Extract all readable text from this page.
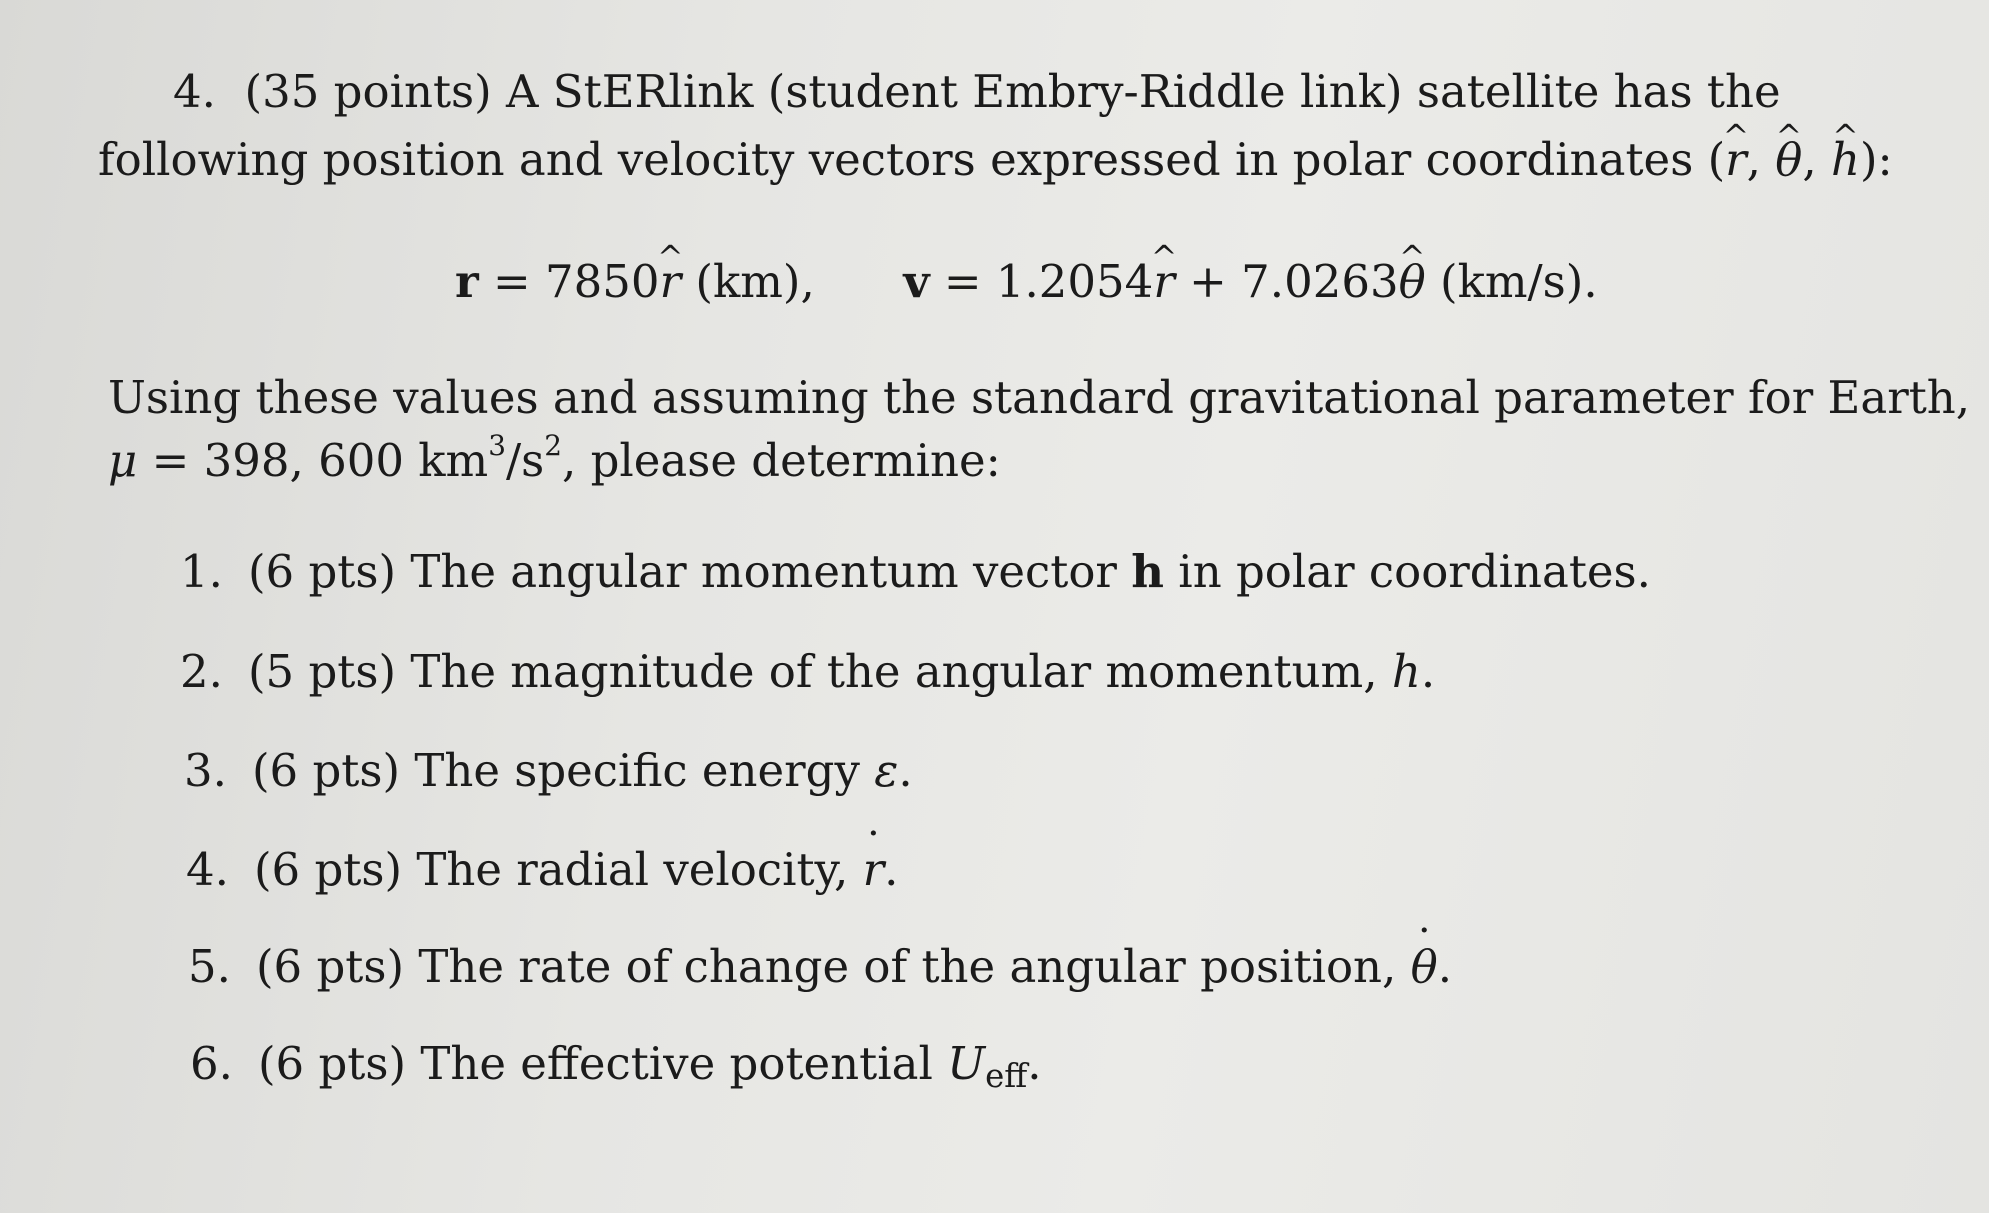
4. (35 points) A StERlink (student Embry-Riddle link) satellite has the

following position and velocity vectors expressed in polar coordinates (r ^, θ ^, h ^):

r = 7850r ^ (km), v = 1.2054r ^ + 7.0263θ ^ (km/s).

Using these values and assuming the standard gravitational parameter for Earth,

μ = 398, 600 $km^3/s^2$, please determine:

1. (6 pts) The angular momentum vector h in polar coordinates.
2. (5 pts) The magnitude of the angular momentum, h.
3. (6 pts) The specific energy ε.
4. (6 pts) The radial velocity, r ˙.
5. (6 pts) The rate of change of the angular position, θ ˙.
6. (6 pts) The effective potential $U_{eff}$.
